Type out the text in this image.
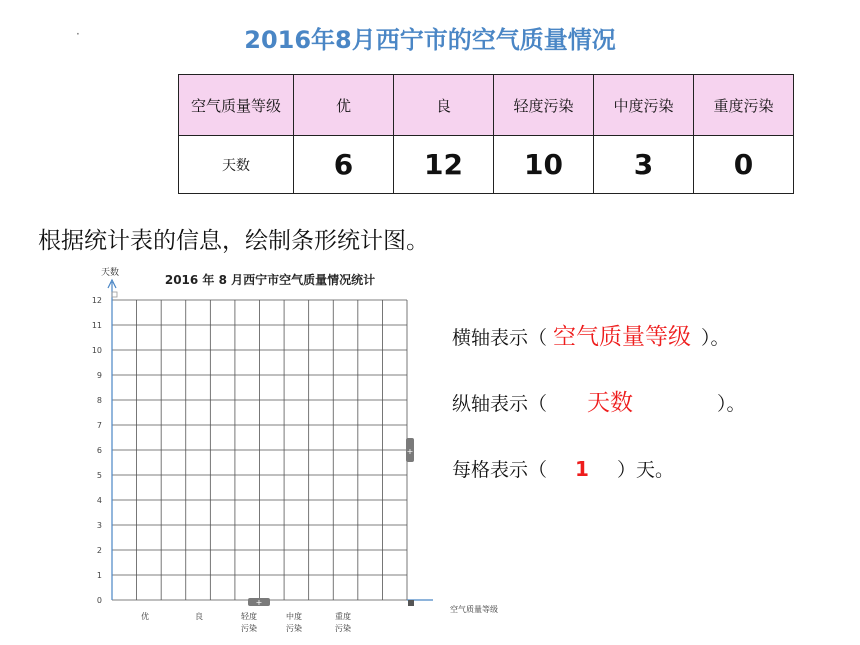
2016年8月西宁市的空气质量情况
·
空气质量等级	优	良	轻度污染	中度污染	重度污染
天数	6	12	10	3	0
根据统计表的信息，绘制条形统计图。
2016 年 8 月西宁市空气质量情况统计
天数
空气质量等级
0
1
2
3
4
5
6
7
8
9
10
11
12
优	良	轻度
污染
中度
污染
重度
污染
+
+
横轴表示（ 空气质量等级 ）。
纵轴表示（ 天数	）。
每格表示（ 1 ）天。
